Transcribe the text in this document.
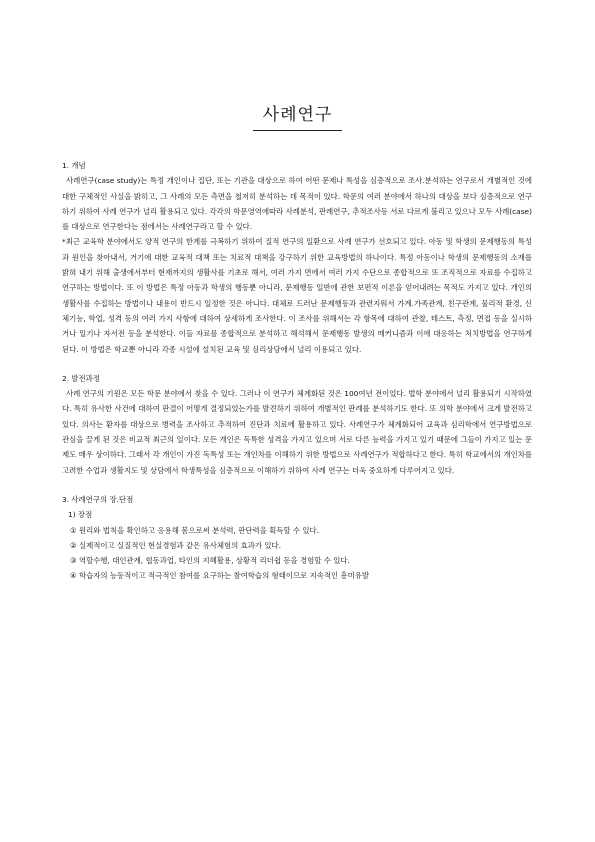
사례연구

1. 개념

사례연구(case study)는 특정 개인이나 집단, 또는 기관을 대상으로 하여 어떤 문제나 특성을 심층적으로 조사.분석하는 연구로서 개별적인 것에 대한 구체적인 사실을 밝히고, 그 사례의 모든 측면을 철저히 분석하는 데 목적이 있다. 학문의 여러 분야에서 하나의 대상을 보다 심층적으로 연구하기 위하여 사례 연구가 널리 활용되고 있다. 각각의 학문영역에따라 사례분석, 판례연구, 추적조사등 서로 다르게 불리고 있으나 모두 사례(case)를 대상으로 연구한다는 점에서는 사례연구라고 할 수 있다.

*최근 교육학 분야에서도 양적 연구의 한계를 극복하기 위하여 질적 연구의 일환으로 사례 연구가 선호되고 있다. 아동 및 학생의 문제행동의 특성과 원인을 찾아내서, 거기에 대한 교육적 대책 또는 치료적 대책을 강구하기 위한 교육방법의 하나이다. 특정 아동이나 학생의 문제행동의 소재를 밝혀 내기 위해 출생에서부터 현재까지의 생활사를 기초로 해서, 여러 가지 면에서 여러 가지 수단으로 종합적으로 또 조직적으로 자료를 수집하고 연구하는 방법이다. 또 이 방법은 특정 아동과 학생의 행동뿐 아니라, 문제행동 일반에 관한 보편적 이론을 얻어내려는 목적도 가지고 있다. 개인의 생활사를 수집하는 방법이나 내용이 반드시 일정한 것은 아니다. 대체로 드러난 문제행동과 관련지워서 가계.가족관계, 친구관계, 물리적 환경, 신체기능, 학업, 성격 등의 여러 가지 사항에 대하여 상세하게 조사한다. 이 조사를 위해서는 각 항목에 대하여 관찰, 테스트, 측정, 면접 등을 실시하거나 일기나 자서전 등을 분석한다. 이들 자료를 종합적으로 분석하고 해석해서 문제행동 발생의 메커니즘과 이에 대응하는 처치방법을 연구하게 된다. 이 방법은 학교뿐 아니라 각종 시설에 설치된 교육 및 심리상담에서 널리 이용되고 있다.

2. 발전과정

사례 연구의 기원은 모든 학문 분야에서 찾을 수 있다. 그러나 이 연구가 체계화된 것은 100여년 전이었다. 법학 분야에서 널리 활용되기 시작하였다. 특히 유사한 사건에 대하여 판결이 어떻게 결정되었는가를 발견하기 위하여 개별적인 판례를 분석하기도 한다. 또 의학 분야에서 크게 발전하고 있다. 의사는 환자를 대상으로 병력을 조사하고 추적하여 진단과 치료에 활용하고 있다. 사례연구가 체계화되어 교육과 심리학에서 연구방법으로 관심을 끌게 된 것은 비교적 최근의 일이다. 모든 개인은 독특한 성격을 가지고 있으며 서로 다른 능력을 가지고 있기 때문에 그들이 가지고 있는 문제도 매우 상이하다. 그래서 각 개인이 가진 독특성 또는 개인차를 이해하기 위한 방법으로 사례연구가 적합하다고 한다. 특히 학교에서의 개인차를 고려한 수업과 생활지도 및 상담에서 학생특성을 심층적으로 이해하기 위하여 사례 연구는 더욱 중요하게 다루어지고 있다.

3. 사례연구의 장.단점

1) 장점

① 원리와 법칙을 확인하고 응용해 봄으로써 분석력, 판단력을 획득할 수 있다.

② 실제적이고 실질적인 현실경험과 같은 유사체험의 효과가 있다.

③ 역할수행, 대인관계, 협동과업, 타인의 지혜활용, 상황적 리더쉽 등을 경험할 수 있다.

④ 학습자의 능동적이고 적극적인 참여를 요구하는 참여학습의 형태이므로 지속적인 흥미유발
